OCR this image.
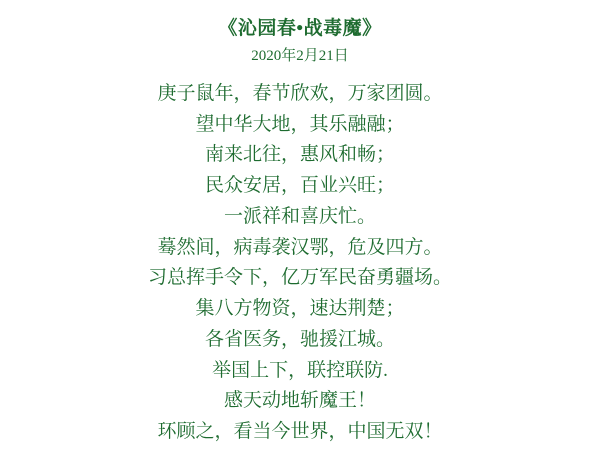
《沁园春•战毒魔》
2020年2月21日
庚子鼠年，春节欣欢，万家团圆。
望中华大地，其乐融融；
南来北往，惠风和畅；
民众安居，百业兴旺；
一派祥和喜庆忙。
蓦然间，病毒袭汉鄂，危及四方。
习总挥手令下，亿万军民奋勇疆场。
集八方物资，速达荆楚；
各省医务，驰援江城。
举国上下，联控联防.
感天动地斩魔王！
环顾之，看当今世界，中国无双！
